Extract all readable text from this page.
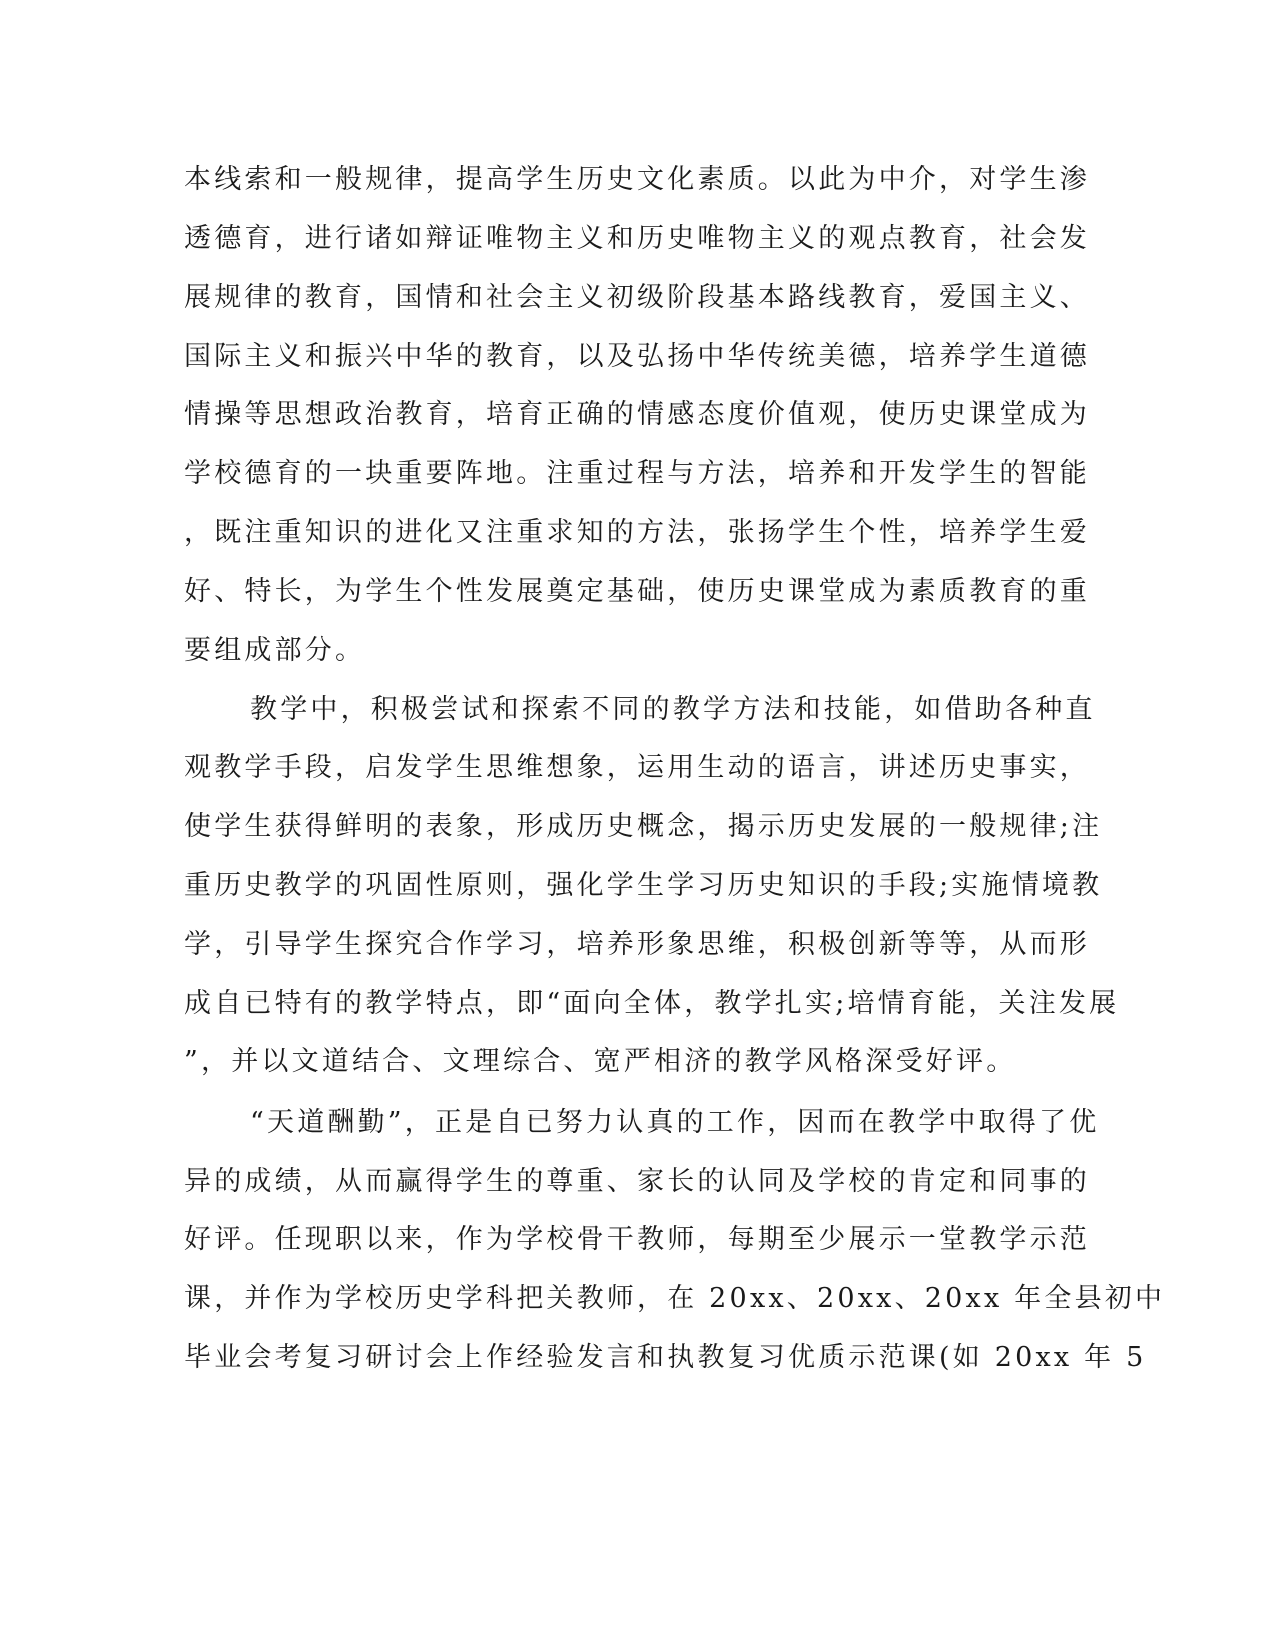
本线索和一般规律，提高学生历史文化素质。以此为中介，对学生渗
透德育，进行诸如辩证唯物主义和历史唯物主义的观点教育，社会发
展规律的教育，国情和社会主义初级阶段基本路线教育，爱国主义、
国际主义和振兴中华的教育，以及弘扬中华传统美德，培养学生道德
情操等思想政治教育，培育正确的情感态度价值观，使历史课堂成为
学校德育的一块重要阵地。注重过程与方法，培养和开发学生的智能
，既注重知识的进化又注重求知的方法，张扬学生个性，培养学生爱
好、特长，为学生个性发展奠定基础，使历史课堂成为素质教育的重
要组成部分。
教学中，积极尝试和探索不同的教学方法和技能，如借助各种直
观教学手段，启发学生思维想象，运用生动的语言，讲述历史事实，
使学生获得鲜明的表象，形成历史概念，揭示历史发展的一般规律;注
重历史教学的巩固性原则，强化学生学习历史知识的手段;实施情境教
学，引导学生探究合作学习，培养形象思维，积极创新等等，从而形
成自已特有的教学特点，即“面向全体，教学扎实;培情育能，关注发展
”，并以文道结合、文理综合、宽严相济的教学风格深受好评。
“天道酬勤”，正是自已努力认真的工作，因而在教学中取得了优
异的成绩，从而赢得学生的尊重、家长的认同及学校的肯定和同事的
好评。任现职以来，作为学校骨干教师，每期至少展示一堂教学示范
课，并作为学校历史学科把关教师，在 20xx、20xx、20xx 年全县初中
毕业会考复习研讨会上作经验发言和执教复习优质示范课(如 20xx 年 5
